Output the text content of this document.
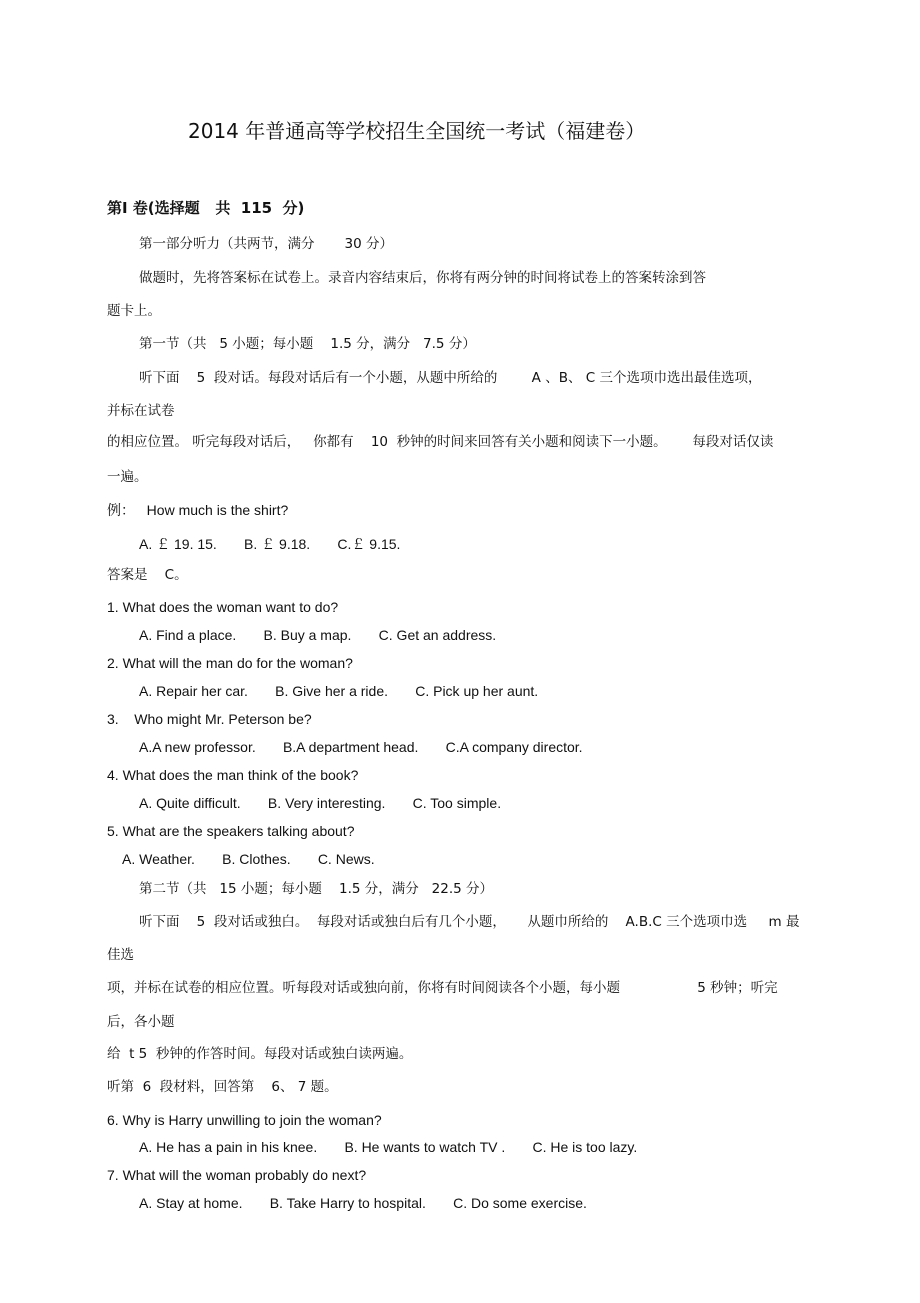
2014 年普通高等学校招生全国统一考试（福建卷）
第Ⅰ 卷(选择题   共  115  分)
第一部分听力（共两节，满分       30 分）
做题时，先将答案标在试卷上。录音内容结束后，你将有两分钟的时间将试卷上的答案转涂到答
题卡上。
第一节（共   5 小题；每小题    1.5 分，满分   7.5 分）
听下面    5  段对话。每段对话后有一个小题，从题中所给的        A 、B、 C 三个选项巾选出最佳选项，
并标在试卷
的相应位置。 听完每段对话后，   你都有    10  秒钟的时间来回答有关小题和阅读下一小题。      每段对话仅读
一遍。
例：   How much is the shirt?
A. ￡ 19. 15.       B. ￡ 9.18.       C.￡ 9.15.
答案是    C。
1. What does the woman want to do?
A. Find a place.       B. Buy a map.       C. Get an address.
2. What will the man do for the woman?
A. Repair her car.       B. Give her a ride.       C. Pick up her aunt.
3.    Who might Mr. Peterson be?
A.A new professor.       B.A department head.       C.A company director.
4. What does the man think of the book?
A. Quite difficult.       B. Very interesting.       C. Too simple.
5. What are the speakers talking about?
A. Weather.       B. Clothes.       C. News.
第二节（共   15 小题；每小题    1.5 分，满分   22.5 分）
听下面    5  段对话或独白。  每段对话或独白后有几个小题，     从题巾所给的    A.B.C 三个选项巾选     m 最
佳选
项，并标在试卷的相应位置。听每段对话或独向前，你将有时间阅读各个小题，每小题                  5 秒钟；听完
后，各小题
给  t 5  秒钟的作答时间。每段对话或独白读两遍。
听第  6  段材料，回答第    6、 7 题。
6. Why is Harry unwilling to join the woman?
A. He has a pain in his knee.       B. He wants to watch TV .       C. He is too lazy.
7. What will the woman probably do next?
A. Stay at home.       B. Take Harry to hospital.       C. Do some exercise.
